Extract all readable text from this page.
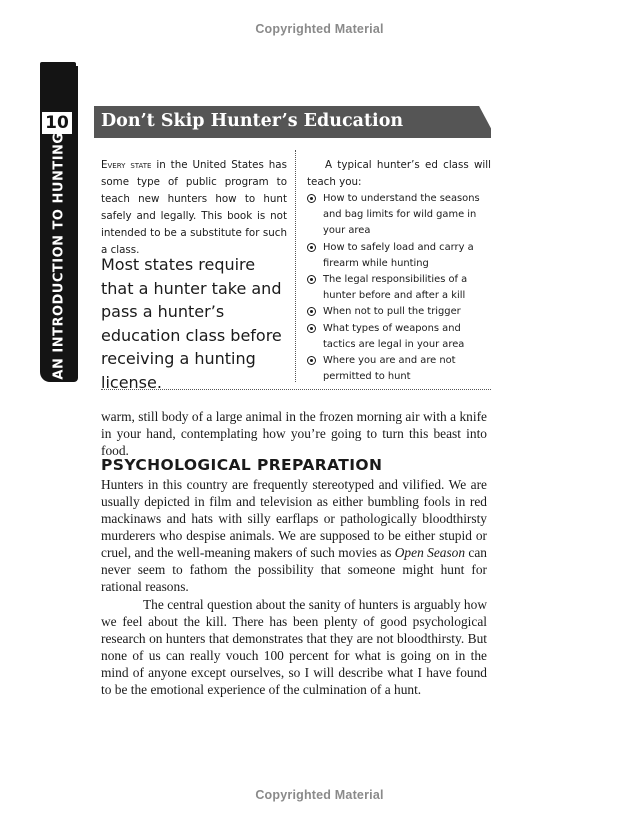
Copyrighted Material
10
AN INTRODUCTION TO HUNTING
Don’t Skip Hunter’s Education
Every state in the United States has some type of public program to teach new hunters how to hunt safely and legally. This book is not intended to be a substitute for such a class.
Most states require that a hunter take and pass a hunter’s education class before receiving a hunting license.
A typical hunter’s ed class will teach you:
How to understand the seasons and bag limits for wild game in your area
How to safely load and carry a firearm while hunting
The legal responsibilities of a hunter before and after a kill
When not to pull the trigger
What types of weapons and tactics are legal in your area
Where you are and are not permitted to hunt
warm, still body of a large animal in the frozen morning air with a knife in your hand, contemplating how you’re going to turn this beast into food.
PSYCHOLOGICAL PREPARATION
Hunters in this country are frequently stereotyped and vilified. We are usually depicted in film and television as either bumbling fools in red mackinaws and hats with silly earflaps or pathologically bloodthirsty murderers who despise animals. We are supposed to be either stupid or cruel, and the well-meaning makers of such movies as Open Season can never seem to fathom the possibility that someone might hunt for rational reasons.
The central question about the sanity of hunters is arguably how we feel about the kill. There has been plenty of good psychological research on hunters that demonstrates that they are not bloodthirsty. But none of us can really vouch 100 percent for what is going on in the mind of anyone except ourselves, so I will describe what I have found to be the emotional experience of the culmination of a hunt.
Copyrighted Material
